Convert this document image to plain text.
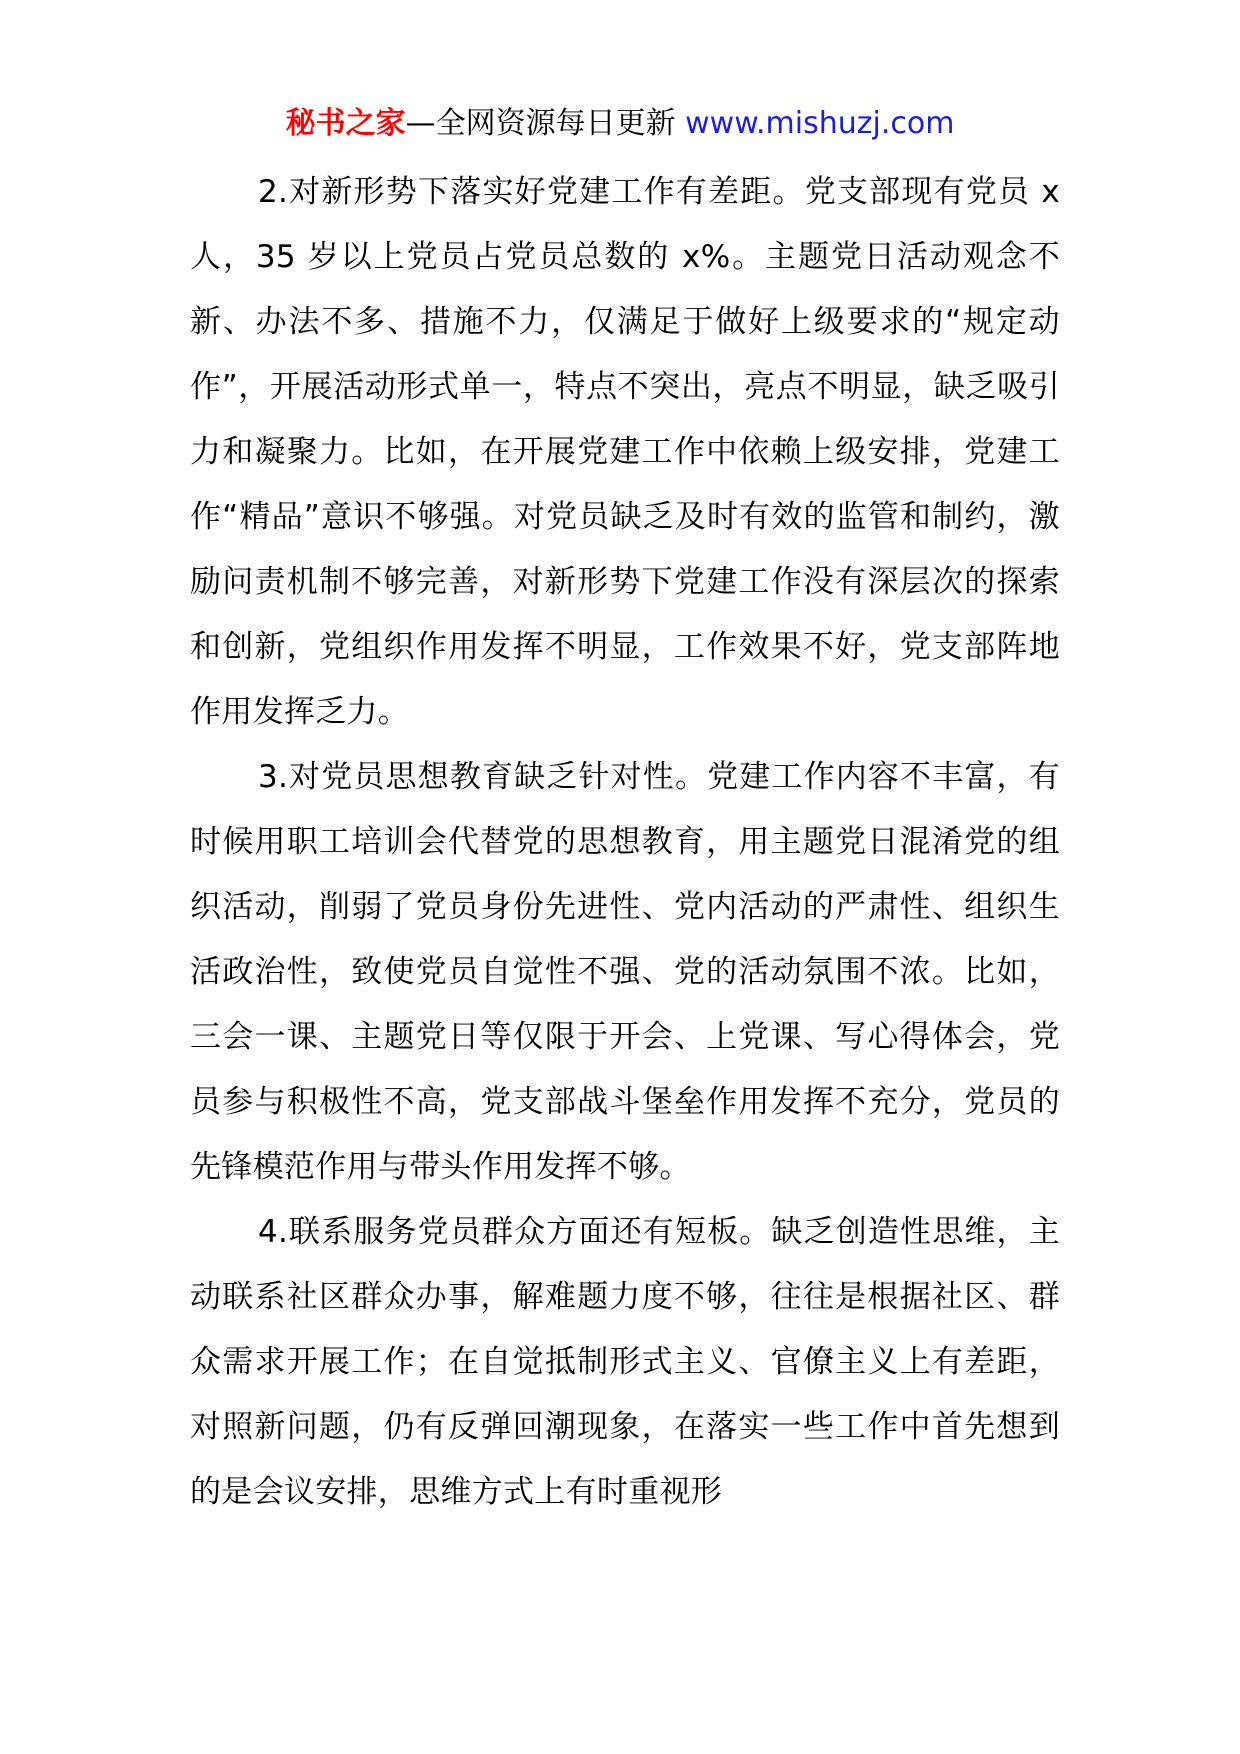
秘书之家—全网资源每日更新 www.mishuzj.com

2.对新形势下落实好党建工作有差距。党支部现有党员 x 人，35 岁以上党员占党员总数的 x%。主题党日活动观念不新、办法不多、措施不力，仅满足于做好上级要求的“规定动作”，开展活动形式单一，特点不突出，亮点不明显，缺乏吸引力和凝聚力。比如，在开展党建工作中依赖上级安排，党建工作“精品”意识不够强。对党员缺乏及时有效的监管和制约，激励问责机制不够完善，对新形势下党建工作没有深层次的探索和创新，党组织作用发挥不明显，工作效果不好，党支部阵地作用发挥乏力。

3.对党员思想教育缺乏针对性。党建工作内容不丰富，有时候用职工培训会代替党的思想教育，用主题党日混淆党的组织活动，削弱了党员身份先进性、党内活动的严肃性、组织生活政治性，致使党员自觉性不强、党的活动氛围不浓。比如，三会一课、主题党日等仅限于开会、上党课、写心得体会，党员参与积极性不高，党支部战斗堡垒作用发挥不充分，党员的先锋模范作用与带头作用发挥不够。

4.联系服务党员群众方面还有短板。缺乏创造性思维，主动联系社区群众办事，解难题力度不够，往往是根据社区、群众需求开展工作；在自觉抵制形式主义、官僚主义上有差距，对照新问题，仍有反弹回潮现象，在落实一些工作中首先想到的是会议安排，思维方式上有时重视形
